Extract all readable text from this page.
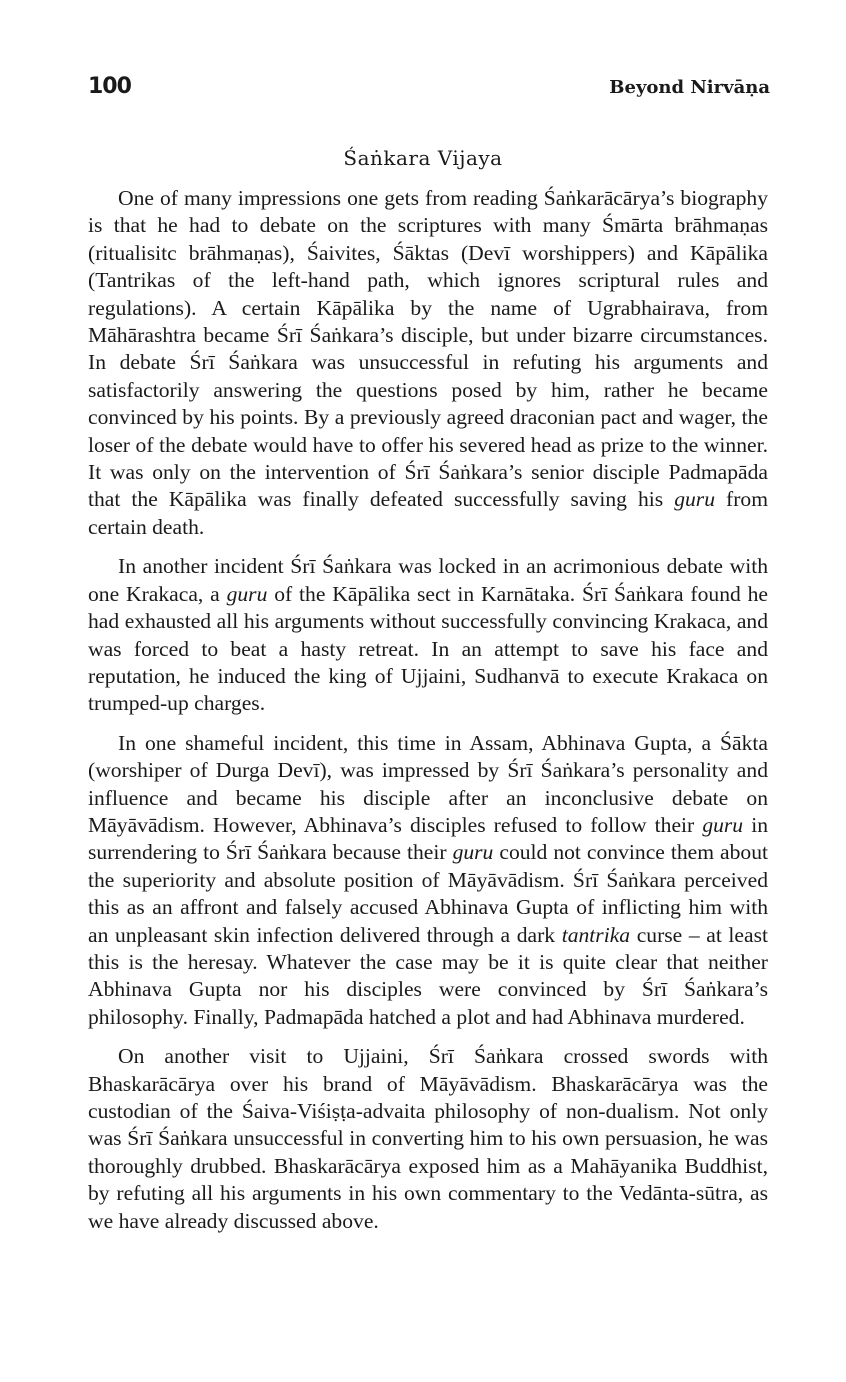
100	Beyond Nirvāṇa
Śaṅkara Vijaya

One of many impressions one gets from reading Śaṅkarācārya’s biography is that he had to debate on the scriptures with many Śmārta brāhmaṇas (ritualisitc brāhmaṇas), Śaivites, Śāktas (Devī worshippers) and Kāpālika (Tantrikas of the left-hand path, which ignores scriptural rules and regulations). A certain Kāpālika by the name of Ugrabhairava, from Māhārashtra became Śrī Śaṅkara’s disciple, but under bizarre circumstances. In debate Śrī Śaṅkara was unsuccessful in refuting his arguments and satisfactorily answering the questions posed by him, rather he became convinced by his points. By a previously agreed draconian pact and wager, the loser of the debate would have to offer his severed head as prize to the winner. It was only on the intervention of Śrī Śaṅkara’s senior disciple Padmapāda that the Kāpālika was finally defeated successfully saving his guru from certain death.

In another incident Śrī Śaṅkara was locked in an acrimonious debate with one Krakaca, a guru of the Kāpālika sect in Karnātaka. Śrī Śaṅkara found he had exhausted all his arguments without successfully convincing Krakaca, and was forced to beat a hasty retreat. In an attempt to save his face and reputation, he induced the king of Ujjaini, Sudhanvā to execute Krakaca on trumped-up charges.

In one shameful incident, this time in Assam, Abhinava Gupta, a Śākta (worshiper of Durga Devī), was impressed by Śrī Śaṅkara’s personality and influence and became his disciple after an inconclusive debate on Māyāvādism. However, Abhinava’s disciples refused to follow their guru in surrendering to Śrī Śaṅkara because their guru could not convince them about the superiority and absolute position of Māyāvādism. Śrī Śaṅkara perceived this as an affront and falsely accused Abhinava Gupta of inflicting him with an unpleasant skin infection delivered through a dark tantrika curse – at least this is the heresay. Whatever the case may be it is quite clear that neither Abhinava Gupta nor his disciples were convinced by Śrī Śaṅkara’s philosophy. Finally, Padmapāda hatched a plot and had Abhinava murdered.

On another visit to Ujjaini, Śrī Śaṅkara crossed swords with Bhaskarācārya over his brand of Māyāvādism. Bhaskarācārya was the custodian of the Śaiva-Viśiṣṭa-advaita philosophy of non-dualism. Not only was Śrī Śaṅkara unsuccessful in converting him to his own persuasion, he was thoroughly drubbed. Bhaskarācārya exposed him as a Mahāyanika Buddhist, by refuting all his arguments in his own commentary to the Vedānta-sūtra, as we have already discussed above.
